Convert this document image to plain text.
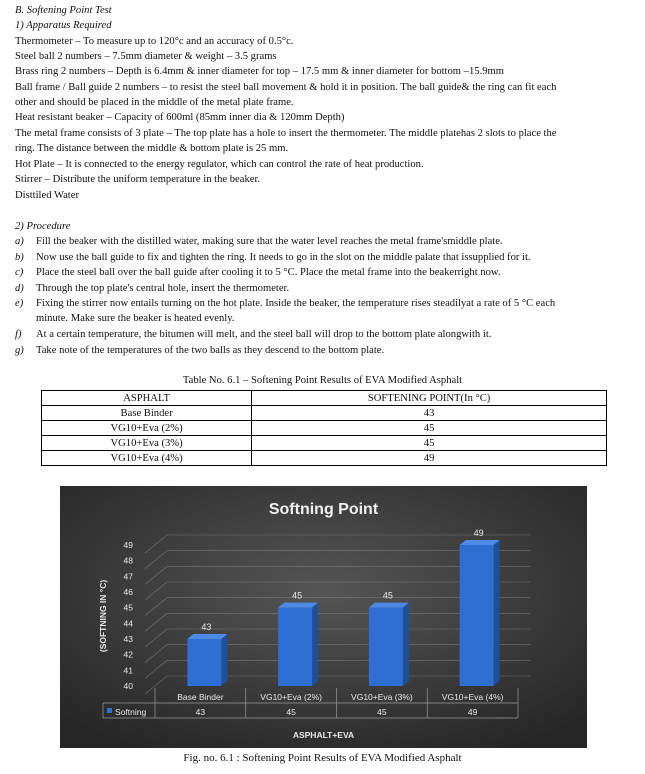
B. Softening Point Test
1) Apparatus Required
Thermometer – To measure up to 120°c and an accuracy of 0.5°c.
Steel ball 2 numbers – 7.5mm diameter & weight – 3.5 grams
Brass ring 2 numbers – Depth is 6.4mm & inner diameter for top – 17.5 mm & inner diameter for bottom –15.9mm
Ball frame / Ball guide 2 numbers – to resist the steel ball movement & hold it in position. The ball guide& the ring can fit each
other and should be placed in the middle of the metal plate frame.
Heat resistant beaker – Capacity of 600ml (85mm inner dia & 120mm Depth)
The metal frame consists of 3 plate – The top plate has a hole to insert the thermometer. The middle platehas 2 slots to place the
ring. The distance between the middle & bottom plate is 25 mm.
Hot Plate – It is connected to the energy regulator, which can control the rate of heat production.
Stirrer – Distribute the uniform temperature in the beaker.
Disttiled Water
2) Procedure
a)	Fill the beaker with the distilled water, making sure that the water level reaches the metal frame'smiddle plate.
b)	Now use the ball guide to fix and tighten the ring. It needs to go in the slot on the middle palate that issupplied for it.
c)	Place the steel ball over the ball guide after cooling it to 5 °C. Place the metal frame into the beakerright now.
d)	Through the top plate's central hole, insert the thermometer.
e)	Fixing the stirrer now entails turning on the hot plate. Inside the beaker, the temperature rises steadilyat a rate of 5 °C each
minute. Make sure the beaker is heated evenly.
f)	At a certain temperature, the bitumen will melt, and the steel ball will drop to the bottom plate alongwith it.
g)	Take note of the temperatures of the two balls as they descend to the bottom plate.
Table No. 6.1 – Softening Point Results of EVA Modified Asphalt
ASPHALT	SOFTENING POINT(In °C)
Base Binder	43
VG10+Eva (2%)	45
VG10+Eva (3%)	45
VG10+Eva (4%)	49
Softning Point
40
41
42
43
44
45
46
47
48
49
(SOFTNING IN °C)	43
45	45
49
Base Binder
43
VG10+Eva (2%)
45
VG10+Eva (3%)
45
VG10+Eva (4%)
49
Softning
ASPHALT+EVA
Fig. no. 6.1 : Softening Point Results of EVA Modified Asphalt
